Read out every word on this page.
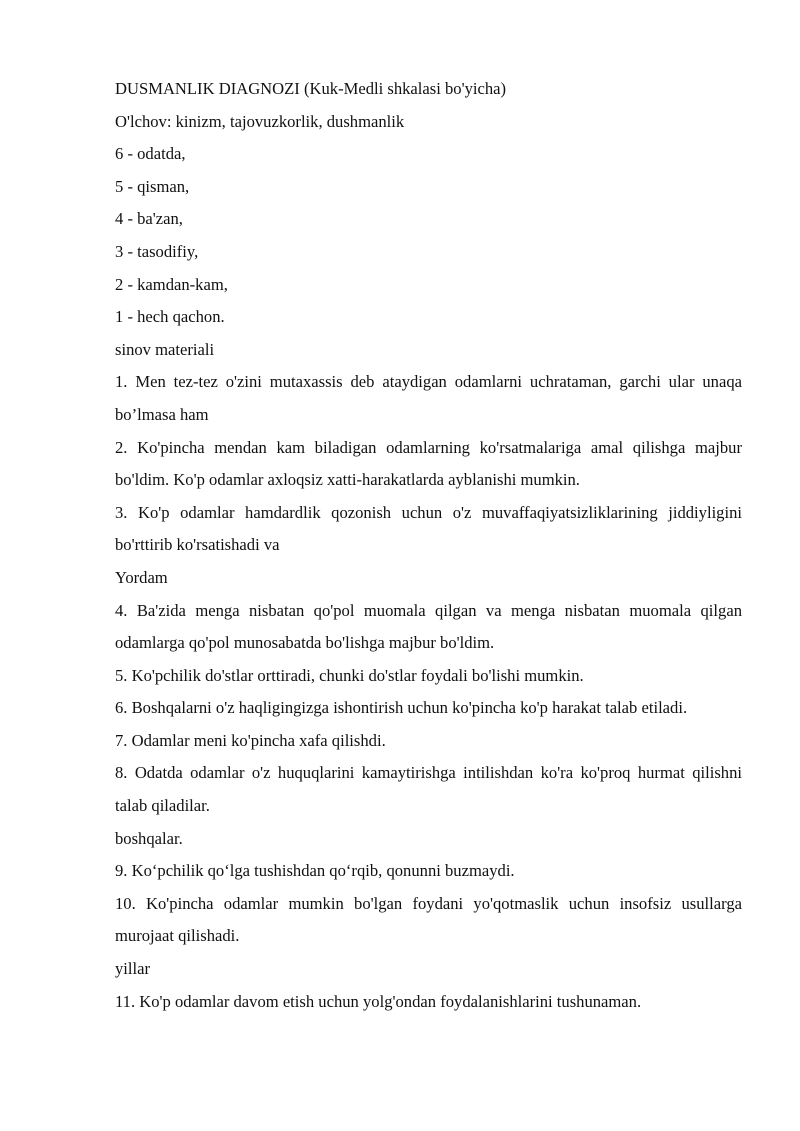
DUSMANLIK DIAGNOZI (Kuk-Medli shkalasi bo'yicha)

O'lchov: kinizm, tajovuzkorlik, dushmanlik

6 - odatda,

5 - qisman,

4 - ba'zan,

3 - tasodifiy,

2 - kamdan-kam,

1 - hech qachon.

sinov materiali

1. Men tez-tez o'zini mutaxassis deb ataydigan odamlarni uchrataman, garchi ular unaqa bo’lmasa ham

2. Ko'pincha mendan kam biladigan odamlarning ko'rsatmalariga amal qilishga majbur bo'ldim. Ko'p odamlar axloqsiz xatti-harakatlarda ayblanishi mumkin.

3. Ko'p odamlar hamdardlik qozonish uchun o'z muvaffaqiyatsizliklarining jiddiyligini bo'rttirib ko'rsatishadi va

Yordam

4. Ba'zida menga nisbatan qo'pol muomala qilgan va menga nisbatan muomala qilgan odamlarga qo'pol munosabatda bo'lishga majbur bo'ldim.

5. Ko'pchilik do'stlar orttiradi, chunki do'stlar foydali bo'lishi mumkin.

6. Boshqalarni o'z haqligingizga ishontirish uchun ko'pincha ko'p harakat talab etiladi.

7. Odamlar meni ko'pincha xafa qilishdi.

8. Odatda odamlar o'z huquqlarini kamaytirishga intilishdan ko'ra ko'proq hurmat qilishni talab qiladilar.

boshqalar.

9. Ko‘pchilik qo‘lga tushishdan qo‘rqib, qonunni buzmaydi.

10. Ko'pincha odamlar mumkin bo'lgan foydani yo'qotmaslik uchun insofsiz usullarga murojaat qilishadi.

yillar

11. Ko'p odamlar davom etish uchun yolg'ondan foydalanishlarini tushunaman.
